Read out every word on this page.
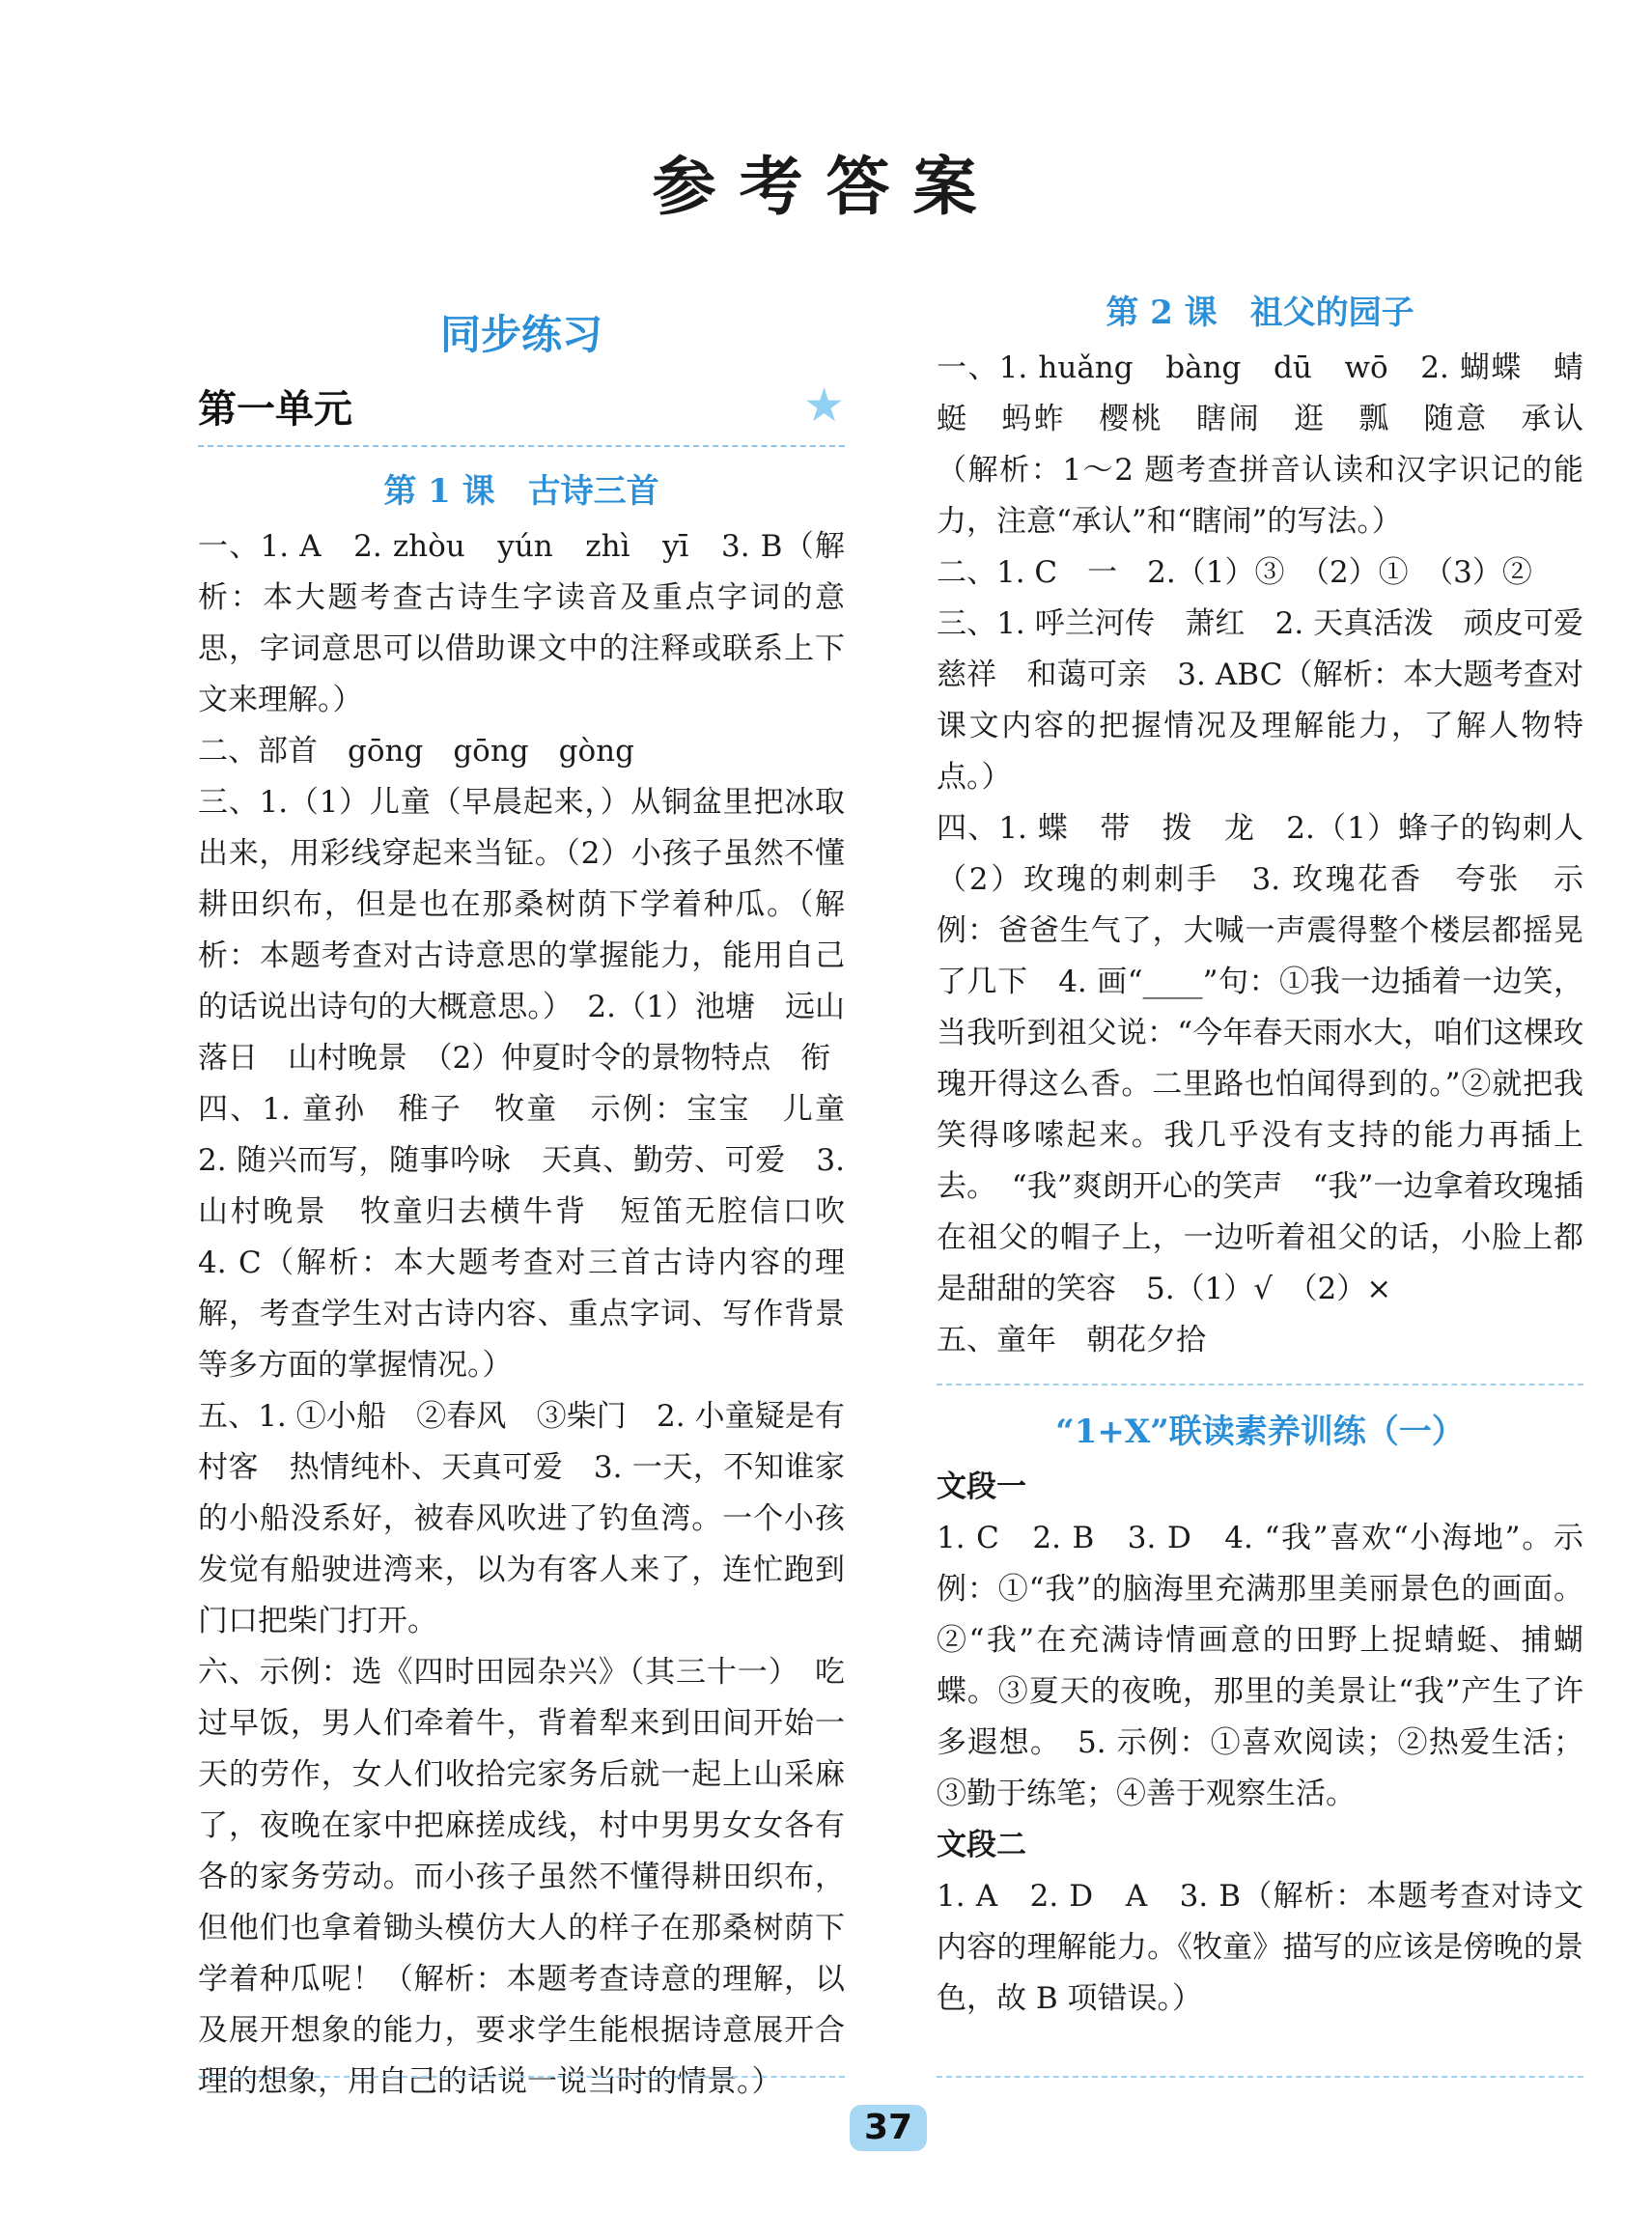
参考答案
同步练习
第一单元	★
第 1 课　古诗三首

一、1. A　2. zhòu　yún　zhì　yī　3. B（解析：本大题考查古诗生字读音及重点字词的意思，字词意思可以借助课文中的注释或联系上下文来理解。）

二、部首　gōng　gōng　gòng

三、1.（1）儿童（早晨起来，）从铜盆里把冰取出来，用彩线穿起来当钲。（2）小孩子虽然不懂耕田织布，但是也在那桑树荫下学着种瓜。（解析：本题考查对古诗意思的掌握能力，能用自己的话说出诗句的大概意思。）　2.（1）池塘　远山　落日　山村晚景　（2）仲夏时令的景物特点　衔

四、1. 童孙　稚子　牧童　示例：宝宝　儿童　2. 随兴而写，随事吟咏　天真、勤劳、可爱　3. 山村晚景　牧童归去横牛背　短笛无腔信口吹　4. C（解析：本大题考查对三首古诗内容的理解，考查学生对古诗内容、重点字词、写作背景等多方面的掌握情况。）

五、1. ①小船　②春风　③柴门　2. 小童疑是有村客　热情纯朴、天真可爱　3. 一天，不知谁家的小船没系好，被春风吹进了钓鱼湾。一个小孩发觉有船驶进湾来，以为有客人来了，连忙跑到门口把柴门打开。

六、示例：选《四时田园杂兴》（其三十一）　吃过早饭，男人们牵着牛，背着犁来到田间开始一天的劳作，女人们收拾完家务后就一起上山采麻了，夜晚在家中把麻搓成线，村中男男女女各有各的家务劳动。而小孩子虽然不懂得耕田织布，但他们也拿着锄头模仿大人的样子在那桑树荫下学着种瓜呢！（解析：本题考查诗意的理解，以及展开想象的能力，要求学生能根据诗意展开合理的想象，用自己的话说一说当时的情景。）

第 2 课　祖父的园子

一、1. huǎng　bàng　dū　wō　2. 蝴蝶　蜻蜓　蚂蚱　樱桃　瞎闹　逛　瓢　随意　承认（解析：1～2 题考查拼音认读和汉字识记的能力，注意“承认”和“瞎闹”的写法。）

二、1. C　一　2.（1）③　（2）①　（3）②

三、1. 呼兰河传　萧红　2. 天真活泼　顽皮可爱　慈祥　和蔼可亲　3. ABC（解析：本大题考查对课文内容的把握情况及理解能力，了解人物特点。）

四、1. 蝶　带　拨　龙　2.（1）蜂子的钩刺人　（2）玫瑰的刺刺手　3. 玫瑰花香　夸张　示例：爸爸生气了，大喊一声震得整个楼层都摇晃了几下　4. 画“____”句：①我一边插着一边笑，当我听到祖父说：“今年春天雨水大，咱们这棵玫瑰开得这么香。二里路也怕闻得到的。”②就把我笑得哆嗦起来。我几乎没有支持的能力再插上去。　“我”爽朗开心的笑声　“我”一边拿着玫瑰插在祖父的帽子上，一边听着祖父的话，小脸上都是甜甜的笑容　5.（1）√　（2）×

五、童年　朝花夕拾

“1+X”联读素养训练（一）

文段一

1. C　2. B　3. D　4. “我”喜欢“小海地”。示例：①“我”的脑海里充满那里美丽景色的画面。②“我”在充满诗情画意的田野上捉蜻蜓、捕蝴蝶。③夏天的夜晚，那里的美景让“我”产生了许多遐想。　5. 示例：①喜欢阅读；②热爱生活；③勤于练笔；④善于观察生活。

文段二

1. A　2. D　A　3. B（解析：本题考查对诗文内容的理解能力。《牧童》描写的应该是傍晚的景色，故 B 项错误。）

37
